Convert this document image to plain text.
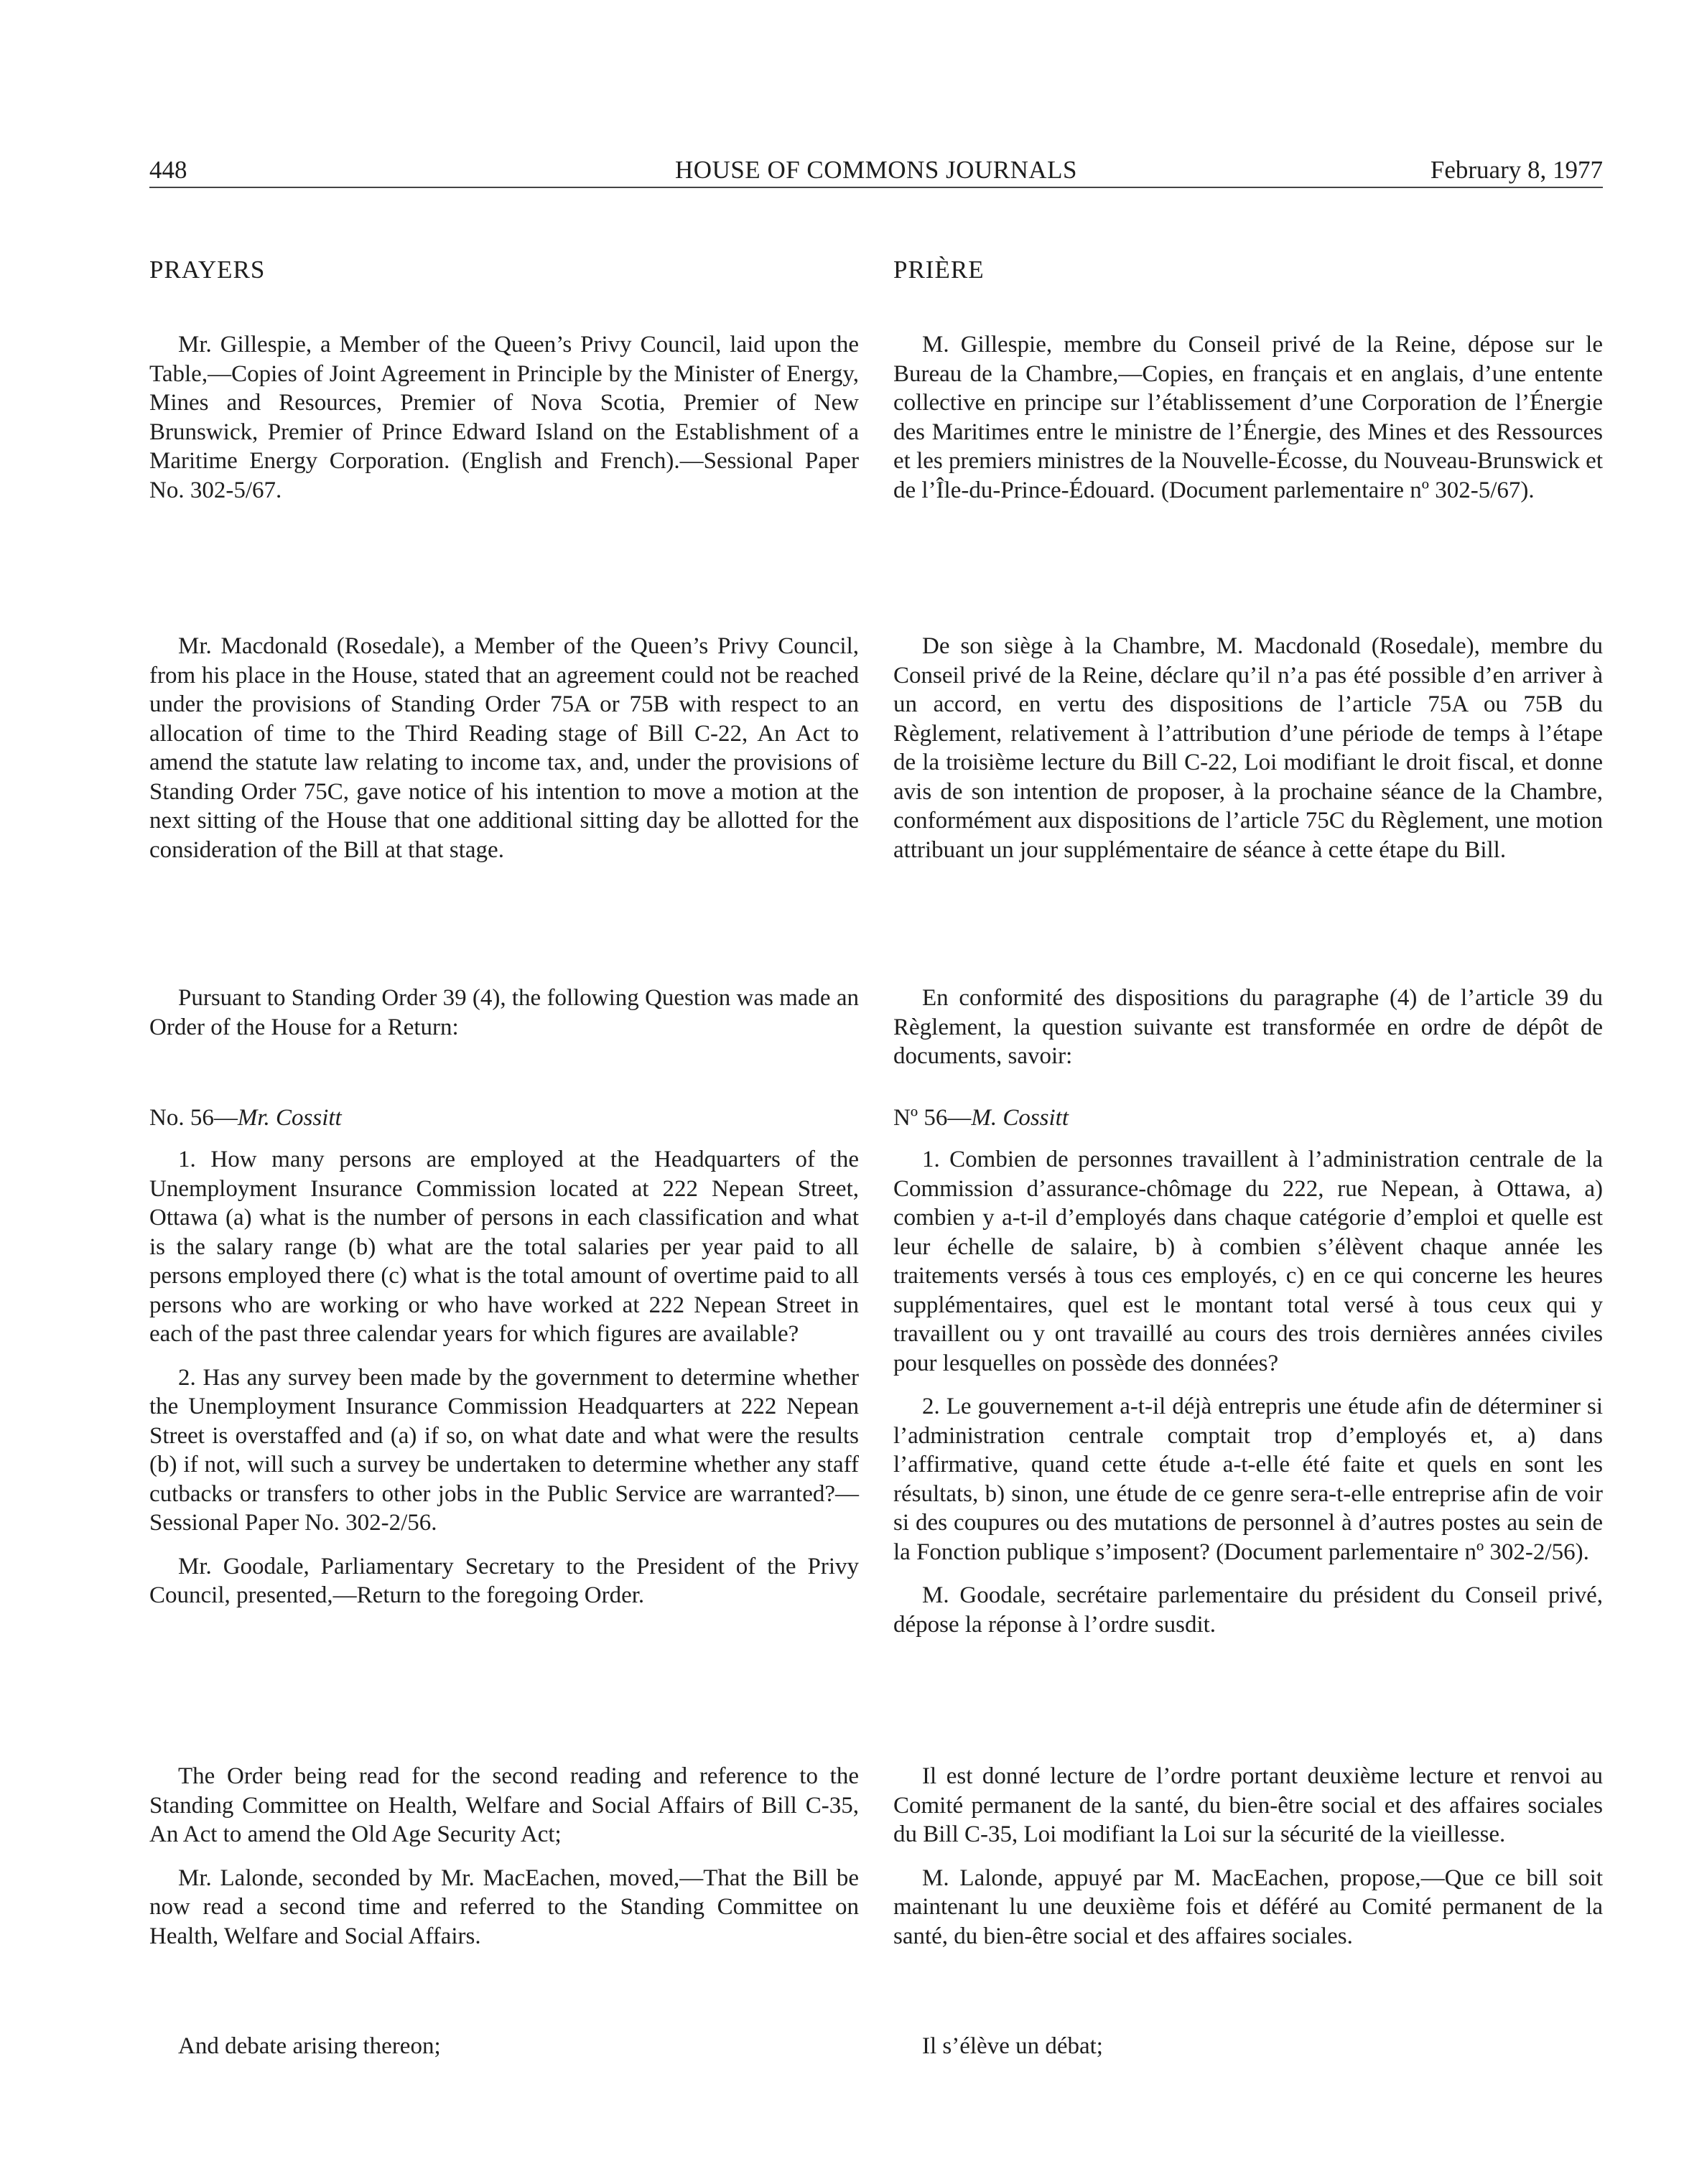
448	HOUSE OF COMMONS JOURNALS	February 8, 1977
PRAYERS

Mr. Gillespie, a Member of the Queen’s Privy Council, laid upon the Table,—Copies of Joint Agreement in Principle by the Minister of Energy, Mines and Resources, Premier of Nova Scotia, Premier of New Brunswick, Premier of Prince Edward Island on the Establishment of a Maritime Energy Corporation. (English and French).—Sessional Paper No. 302-5/67.

Mr. Macdonald (Rosedale), a Member of the Queen’s Privy Council, from his place in the House, stated that an agreement could not be reached under the provisions of Standing Order 75A or 75B with respect to an allocation of time to the Third Reading stage of Bill C-22, An Act to amend the statute law relating to income tax, and, under the provisions of Standing Order 75C, gave notice of his intention to move a motion at the next sitting of the House that one additional sitting day be allotted for the consideration of the Bill at that stage.

Pursuant to Standing Order 39 (4), the following Question was made an Order of the House for a Return:

No. 56—Mr. Cossitt

1. How many persons are employed at the Headquarters of the Unemployment Insurance Commission located at 222 Nepean Street, Ottawa (a) what is the number of persons in each classification and what is the salary range (b) what are the total salaries per year paid to all persons employed there (c) what is the total amount of overtime paid to all persons who are working or who have worked at 222 Nepean Street in each of the past three calendar years for which figures are available?

2. Has any survey been made by the government to determine whether the Unemployment Insurance Commission Headquarters at 222 Nepean Street is overstaffed and (a) if so, on what date and what were the results (b) if not, will such a survey be undertaken to determine whether any staff cutbacks or transfers to other jobs in the Public Service are warranted?—Sessional Paper No. 302-2/56.

Mr. Goodale, Parliamentary Secretary to the President of the Privy Council, presented,—Return to the foregoing Order.

The Order being read for the second reading and reference to the Standing Committee on Health, Welfare and Social Affairs of Bill C-35, An Act to amend the Old Age Security Act;

Mr. Lalonde, seconded by Mr. MacEachen, moved,—That the Bill be now read a second time and referred to the Standing Committee on Health, Welfare and Social Affairs.

And debate arising thereon;

PRIÈRE

M. Gillespie, membre du Conseil privé de la Reine, dépose sur le Bureau de la Chambre,—Copies, en français et en anglais, d’une entente collective en principe sur l’établissement d’une Corporation de l’Énergie des Maritimes entre le ministre de l’Énergie, des Mines et des Ressources et les premiers ministres de la Nouvelle-Écosse, du Nouveau-Brunswick et de l’Île-du-Prince-Édouard. (Document parlementaire nº 302-5/67).

De son siège à la Chambre, M. Macdonald (Rosedale), membre du Conseil privé de la Reine, déclare qu’il n’a pas été possible d’en arriver à un accord, en vertu des dispositions de l’article 75A ou 75B du Règlement, relativement à l’attribution d’une période de temps à l’étape de la troisième lecture du Bill C-22, Loi modifiant le droit fiscal, et donne avis de son intention de proposer, à la prochaine séance de la Chambre, conformément aux dispositions de l’article 75C du Règlement, une motion attribuant un jour supplémentaire de séance à cette étape du Bill.

En conformité des dispositions du paragraphe (4) de l’article 39 du Règlement, la question suivante est transformée en ordre de dépôt de documents, savoir:

Nº 56—M. Cossitt

1. Combien de personnes travaillent à l’administration centrale de la Commission d’assurance-chômage du 222, rue Nepean, à Ottawa, a) combien y a-t-il d’employés dans chaque catégorie d’emploi et quelle est leur échelle de salaire, b) à combien s’élèvent chaque année les traitements versés à tous ces employés, c) en ce qui concerne les heures supplémentaires, quel est le montant total versé à tous ceux qui y travaillent ou y ont travaillé au cours des trois dernières années civiles pour lesquelles on possède des données?

2. Le gouvernement a-t-il déjà entrepris une étude afin de déterminer si l’administration centrale comptait trop d’employés et, a) dans l’affirmative, quand cette étude a-t-elle été faite et quels en sont les résultats, b) sinon, une étude de ce genre sera-t-elle entreprise afin de voir si des coupures ou des mutations de personnel à d’autres postes au sein de la Fonction publique s’imposent? (Document parlementaire nº 302-2/56).

M. Goodale, secrétaire parlementaire du président du Conseil privé, dépose la réponse à l’ordre susdit.

Il est donné lecture de l’ordre portant deuxième lecture et renvoi au Comité permanent de la santé, du bien-être social et des affaires sociales du Bill C-35, Loi modifiant la Loi sur la sécurité de la vieillesse.

M. Lalonde, appuyé par M. MacEachen, propose,—Que ce bill soit maintenant lu une deuxième fois et déféré au Comité permanent de la santé, du bien-être social et des affaires sociales.

Il s’élève un débat;
